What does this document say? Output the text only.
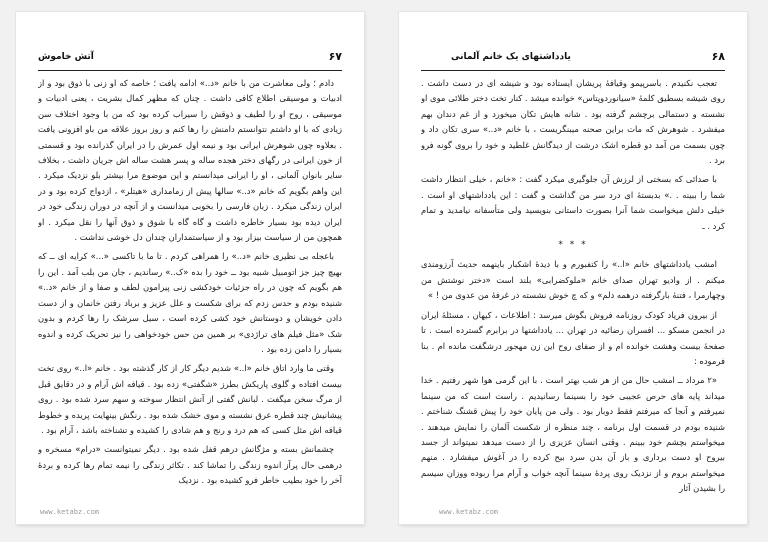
آتش خاموش	۶۷

دادم ؛ ولی معاشرت من با خانم «د..» ادامه یافت ؛ خاصه که او زنی با ذوق بود و از ادبیات و موسیقی اطلاع کافی داشت . چنان که مظهر کمال بشریت ، یعنی ادبیات و موسیقی ، روح او را لطیف و ذوقش را سیراب کرده بود که من با وجود اختلاف سن زیادی که با او داشتم نتوانستم دامنش را رها کنم و روز بروز علاقه من باو افزونی یافت . بعلاوه چون شوهرش ایرانی بود و نیمه اول عمرش را در ایران گذرانده بود و قسمتی از خون ایرانی در رگهای دختر هجده ساله و پسر هشت ساله اش جریان داشت ، بخلاف سایر بانوان آلمانی ، او را ایرانی میدانستم و این موضوع مرا بیشتر بلو نزدیک میکرد . این واهم بگویم که خانم «د..» سالها پیش از زمامداری «هیتلر» ، ازدواج کرده بود و در ایران زندگی میکرد . زبان فارسی را بخوبی میدانست و از آنچه در دوران زندگی خود در ایران دیده بود بسیار خاطره داشت و گاه گاه با شوق و ذوق آنها را نقل میکرد . او همچون من از سیاست بیزار بود و از سیاستمداران چندان دل خوشی نداشت .

باعجله بی نظیری خانم «د..» را همراهی کردم . تا ما با تاکسی «...» کرایه ای ــ که بهیچ چیز جز اتومبیل شبیه بود ــ خود را بده «ک..» رساندیم ، جان من بلب آمد . این را هم بگویم که چون در راه جزئیات خودکشی زنی پیرامون لطف و صفا و از خانم «د..» شنیده بودم و حدس زدم که برای شکست و علل عزیز و برباد رفتن خانمان و از دست دادن خویشان و دوستانش خود کشی کرده است ، سیل سرشک را رها کردم و بدون شک «مثل فیلم های تراژدی» بر همین من حس خودخواهی را نیز تحریک کرده و اندوه بسیار را دامن زده بود .

وقتی ما وارد اتاق خانم «ا..» شدیم دیگر کار از کار گذشته بود . خانم «ا..» روی تخت بیست افتاده و گلوی پاریکش بطرز «شگفتی» زده بود . قیافه اش آرام و در دقایق قبل از مرگ سخن میگفت . لبانش گفتی از آتش انتظار سوخته و سهم سرد شده بود . روی پیشانیش چند قطره عرق نشسته و موی خشک شده بود . رنگش بینهایت پریده و خطوط قیافه اش مثل کسی که هم درد و رنج و هم شادی را کشیده و تشناخته باشد ، آرام بود .

چشمانش بسته و مژگانش درهم قفل شده بود . دیگر نمیتوانست «درام» مسخره و درهمی حال پرآز اندوه زندگی را تماشا کند . تکاثر زندگی را نیمه تمام رها کرده و بردهٔ آخر را خود بطیب خاطر فرو کشیده بود . نزدیک

www.ketabz.com
یادداشتهای یک خانم آلمانی	۶۸

تعجب نکنیدم . باسرپیمو وقیافهٔ پریشان ایستاده بود و شیشه ای در دست داشت . روی شیشه بسطیق کلمهٔ «سیانوردوپتاس» خوانده میشد . کنار تخت دختر طلائی موی او نشسته و دستمالی برچشم گرفته بود . شانه هایش تکان میخورد و از غم دندان بهم میفشرد . شوهرش که مات براین صحنه میبنگریست ، با خانم «د..» سری تکان داد و چون بسمت من آمد دو قطره اشک درشت از دیدگانش غلطید و خود را بروی گونه فرو برد .

با صدائی که بسختی از لرزش آن جلوگیری میکرد گفت : «خانم ، خیلی انتظار داشت شما را ببینه . .» بدبستهٔ ای درد سر من گذاشت و گفت : این یادداشتهای او است . خیلی دلش میخواست شما آنرا بصورت داستانی بنویسید ولی متأسفانه نیامدید و تمام کرد . ـ

* * *

امشب یادداشتهای خانم «ا..» را کتفبورم و با دیدهٔ اشکبار باینهمه حدیث آرزومندی میکنم . از وادیو تهران صدای خانم «ملوکضرابی» بلند است «دختر نوشتش من وچهارمرا ، فتنهٔ بارگرفته درهمه دلم» و که چ خوش نشسته در غرفهٔ من عدوی من ! »

از بیرون فریاد کودک روزنامه فروش بگوش میرسد : اطلاعات ، کیهان ، مسئلهٔ ایران در انجمن مسکو ... افسران رضائیه در تهران ... یادداشتها در برابرم گسترده است . تا صفحهٔ بیست وهشت خوانده ام و از صفای روح این زن مهجور درشگفت مانده ام . بنا فرموده :

«۲ مرداد ــ امشب حال من از هر شب بهتر است . با این گرمی هوا شهر رفتیم . خدا میداند پایه های حرص عجیبی خود را بسینما رسانیدیم . راست است که من سینما نمیرفتم و آنجا که میرفتم فقط دوبار بود . ولی من پایان خود را پیش قشنگ شناختم . شنیده بودم در قسمت اول برنامه ، چند منظره از شکست آلمان را نمایش میدهند . میخواستم بچشم خود ببینم . وقتی انسان عزیزی را از دست میدهد نمیتواند از جسد بیروح او دست برداری و باز آن بدن سرد بیح کرده را در آغوش میفشارد . منهم میخواستم بروم و از نزدیک روی پردهٔ سینما آنچه خواب و آرام مرا ربوده ووزان سیسم را بشیدن آثار

www.ketabz.com
